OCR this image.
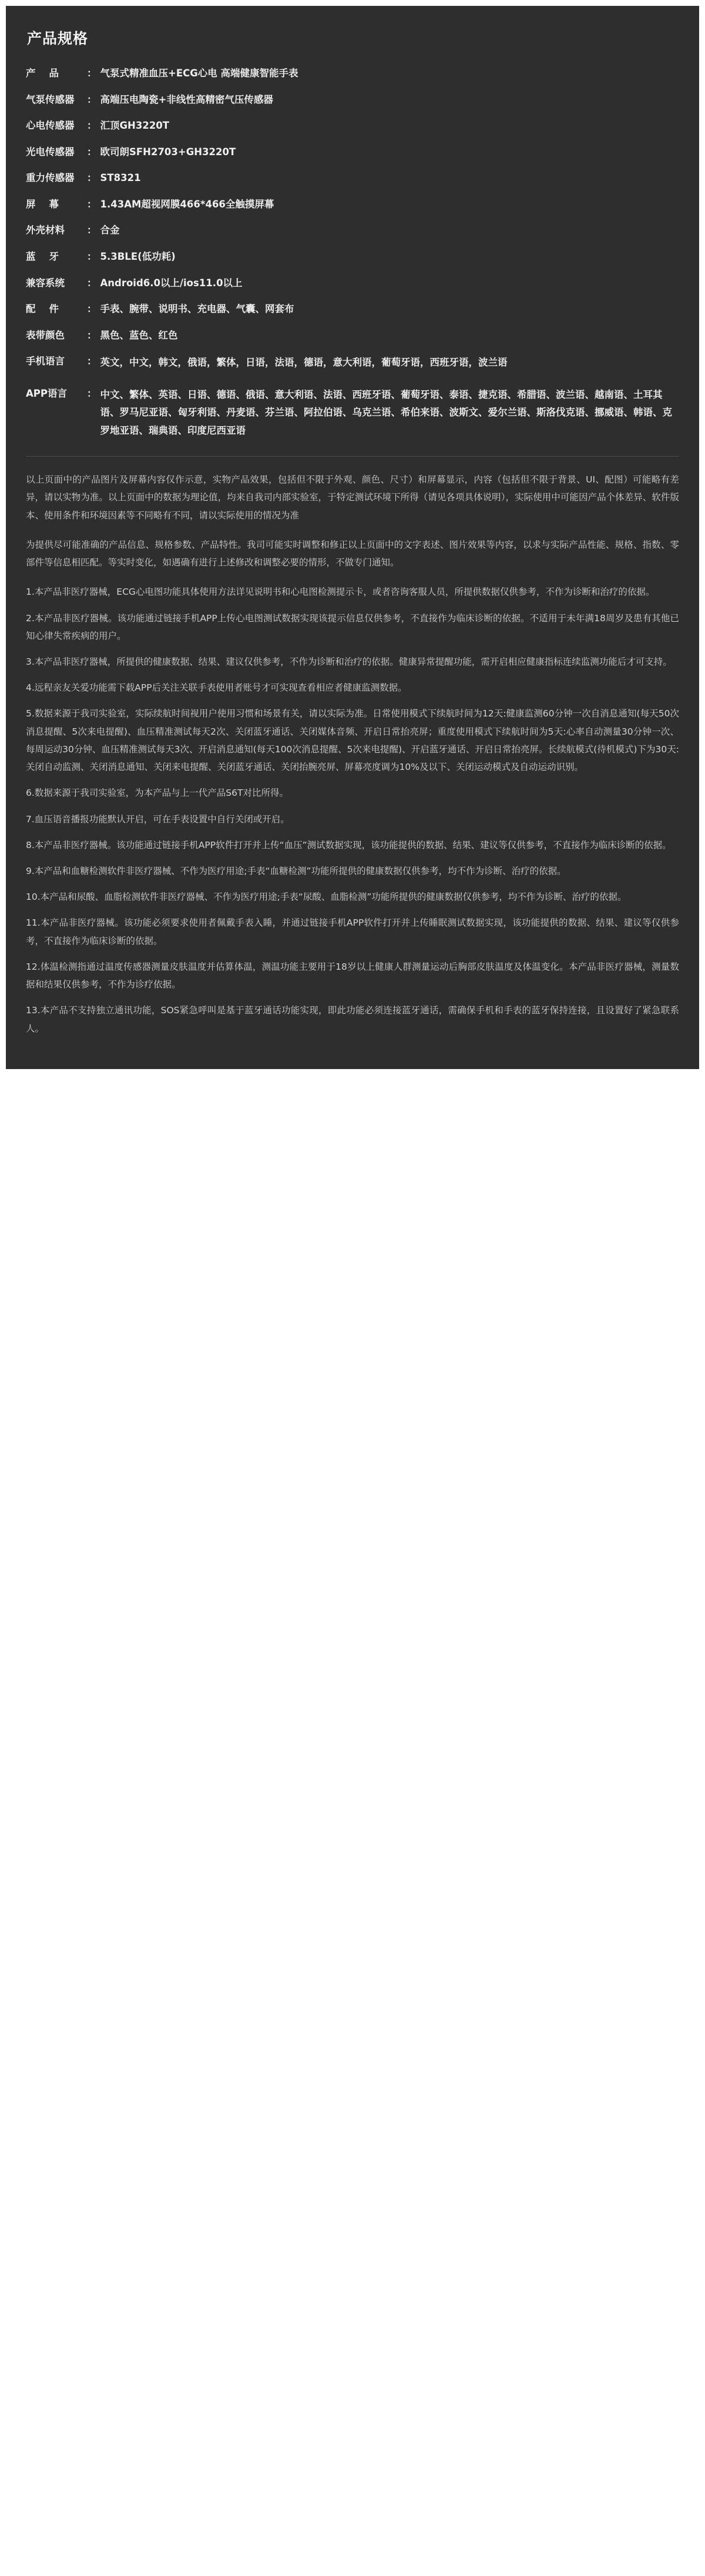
产品规格
产    品	： 气泵式精准血压+ECG心电 高端健康智能手表
气泵传感器	： 高端压电陶瓷+非线性高精密气压传感器
心电传感器	： 汇顶GH3220T
光电传感器	： 欧司朗SFH2703+GH3220T
重力传感器	： ST8321
屏    幕	： 1.43AM超视网膜466*466全触摸屏幕
外壳材料	： 合金
蓝    牙	： 5.3BLE(低功耗)
兼容系统	： Android6.0以上/ios11.0以上
配    件	： 手表、腕带、说明书、充电器、气囊、网套布
表带颜色	： 黑色、蓝色、红色
手机语言	： 英文，中文，韩文，俄语，繁体，日语，法语，德语，意大利语，葡萄牙语，西班牙语，波兰语
APP语言	： 中文、繁体、英语、日语、德语、俄语、意大利语、法语、西班牙语、葡萄牙语、泰语、捷克语、希腊语、波兰语、越南语、土耳其语、罗马尼亚语、匈牙利语、丹麦语、芬兰语、阿拉伯语、乌克兰语、希伯来语、波斯文、爱尔兰语、斯洛伐克语、挪威语、韩语、克罗地亚语、瑞典语、印度尼西亚语

以上页面中的产品图片及屏幕内容仅作示意，实物产品效果，包括但不限于外观、颜色、尺寸）和屏幕显示，内容（包括但不限于背景、UI、配图）可能略有差异，请以实物为准。以上页面中的数据为理论值，均来自我司内部实验室，于特定测试环境下所得（请见各项具体说明），实际使用中可能因产品个体差异、软件版本、使用条件和环境因素等不同略有不同，请以实际使用的情况为准

为提供尽可能准确的产品信息、规格参数、产品特性。我司可能实时调整和修正以上页面中的文字表述、图片效果等内容，以求与实际产品性能、规格、指数、零部件等信息相匹配。等实时变化，如遇确有进行上述修改和调整必要的情形，不做专门通知。

1.本产品非医疗器械，ECG心电图功能具体使用方法详见说明书和心电图检测提示卡，或者咨询客服人员，所提供数据仅供参考，不作为诊断和治疗的依据。

2.本产品非医疗器械。该功能通过链接手机APP上传心电图测试数据实现该提示信息仅供参考，不直接作为临床诊断的依据。不适用于未年满18周岁及患有其他已知心律失常疾病的用户。

3.本产品非医疗器械，所提供的健康数据、结果、建议仅供参考，不作为诊断和治疗的依据。健康异常提醒功能，需开启相应健康指标连续监测功能后才可支持。

4.远程亲友关爱功能需下载APP后关注关联手表使用者账号才可实现查看相应者健康监测数据。

5.数据来源于我司实验室，实际续航时间视用户使用习惯和场景有关，请以实际为准。日常使用模式下续航时间为12天:健康监测60分钟一次自消息通知(每天50次消息提醒、5次来电提醒)、血压精准测试每天2次、关闭蓝牙通话、关闭媒体音频、开启日常抬亮屏；重度使用模式下续航时间为5天:心率自动测量30分钟一次、每周运动30分钟、血压精准测试每天3次、开启消息通知(每天100次消息提醒、5次来电提醒)、开启蓝牙通话、开启日常抬亮屏。长续航模式(待机模式)下为30天:关闭自动监测、关闭消息通知、关闭来电提醒、关闭蓝牙通话、关闭抬腕亮屏、屏幕亮度调为10%及以下、关闭运动模式及自动运动识别。

6.数据来源于我司实验室，为本产品与上一代产品S6T对比所得。

7.血压语音播报功能默认开启，可在手表设置中自行关闭或开启。

8.本产品非医疗器械。该功能通过链接手机APP软件打开并上传“血压”测试数据实现，该功能提供的数据、结果、建议等仅供参考，不直接作为临床诊断的依据。

9.本产品和血糖检测软件非医疗器械、不作为医疗用途;手表“血糖检测”功能所提供的健康数据仅供参考，均不作为诊断、治疗的依据。

10.本产品和尿酸、血脂检测软件非医疗器械、不作为医疗用途;手表“尿酸、血脂检测”功能所提供的健康数据仅供参考，均不作为诊断、治疗的依据。

11.本产品非医疗器械。该功能必须要求使用者佩戴手表入睡，并通过链接手机APP软件打开并上传睡眠测试数据实现，该功能提供的数据、结果、建议等仅供参考，不直接作为临床诊断的依据。

12.体温检测指通过温度传感器测量皮肤温度并估算体温，测温功能主要用于18岁以上健康人群测量运动后胸部皮肤温度及体温变化。本产品非医疗器械，测量数据和结果仅供参考，不作为诊疗依据。

13.本产品不支持独立通讯功能，SOS紧急呼叫是基于蓝牙通话功能实现，即此功能必须连接蓝牙通话，需确保手机和手表的蓝牙保持连接，且设置好了紧急联系人。
